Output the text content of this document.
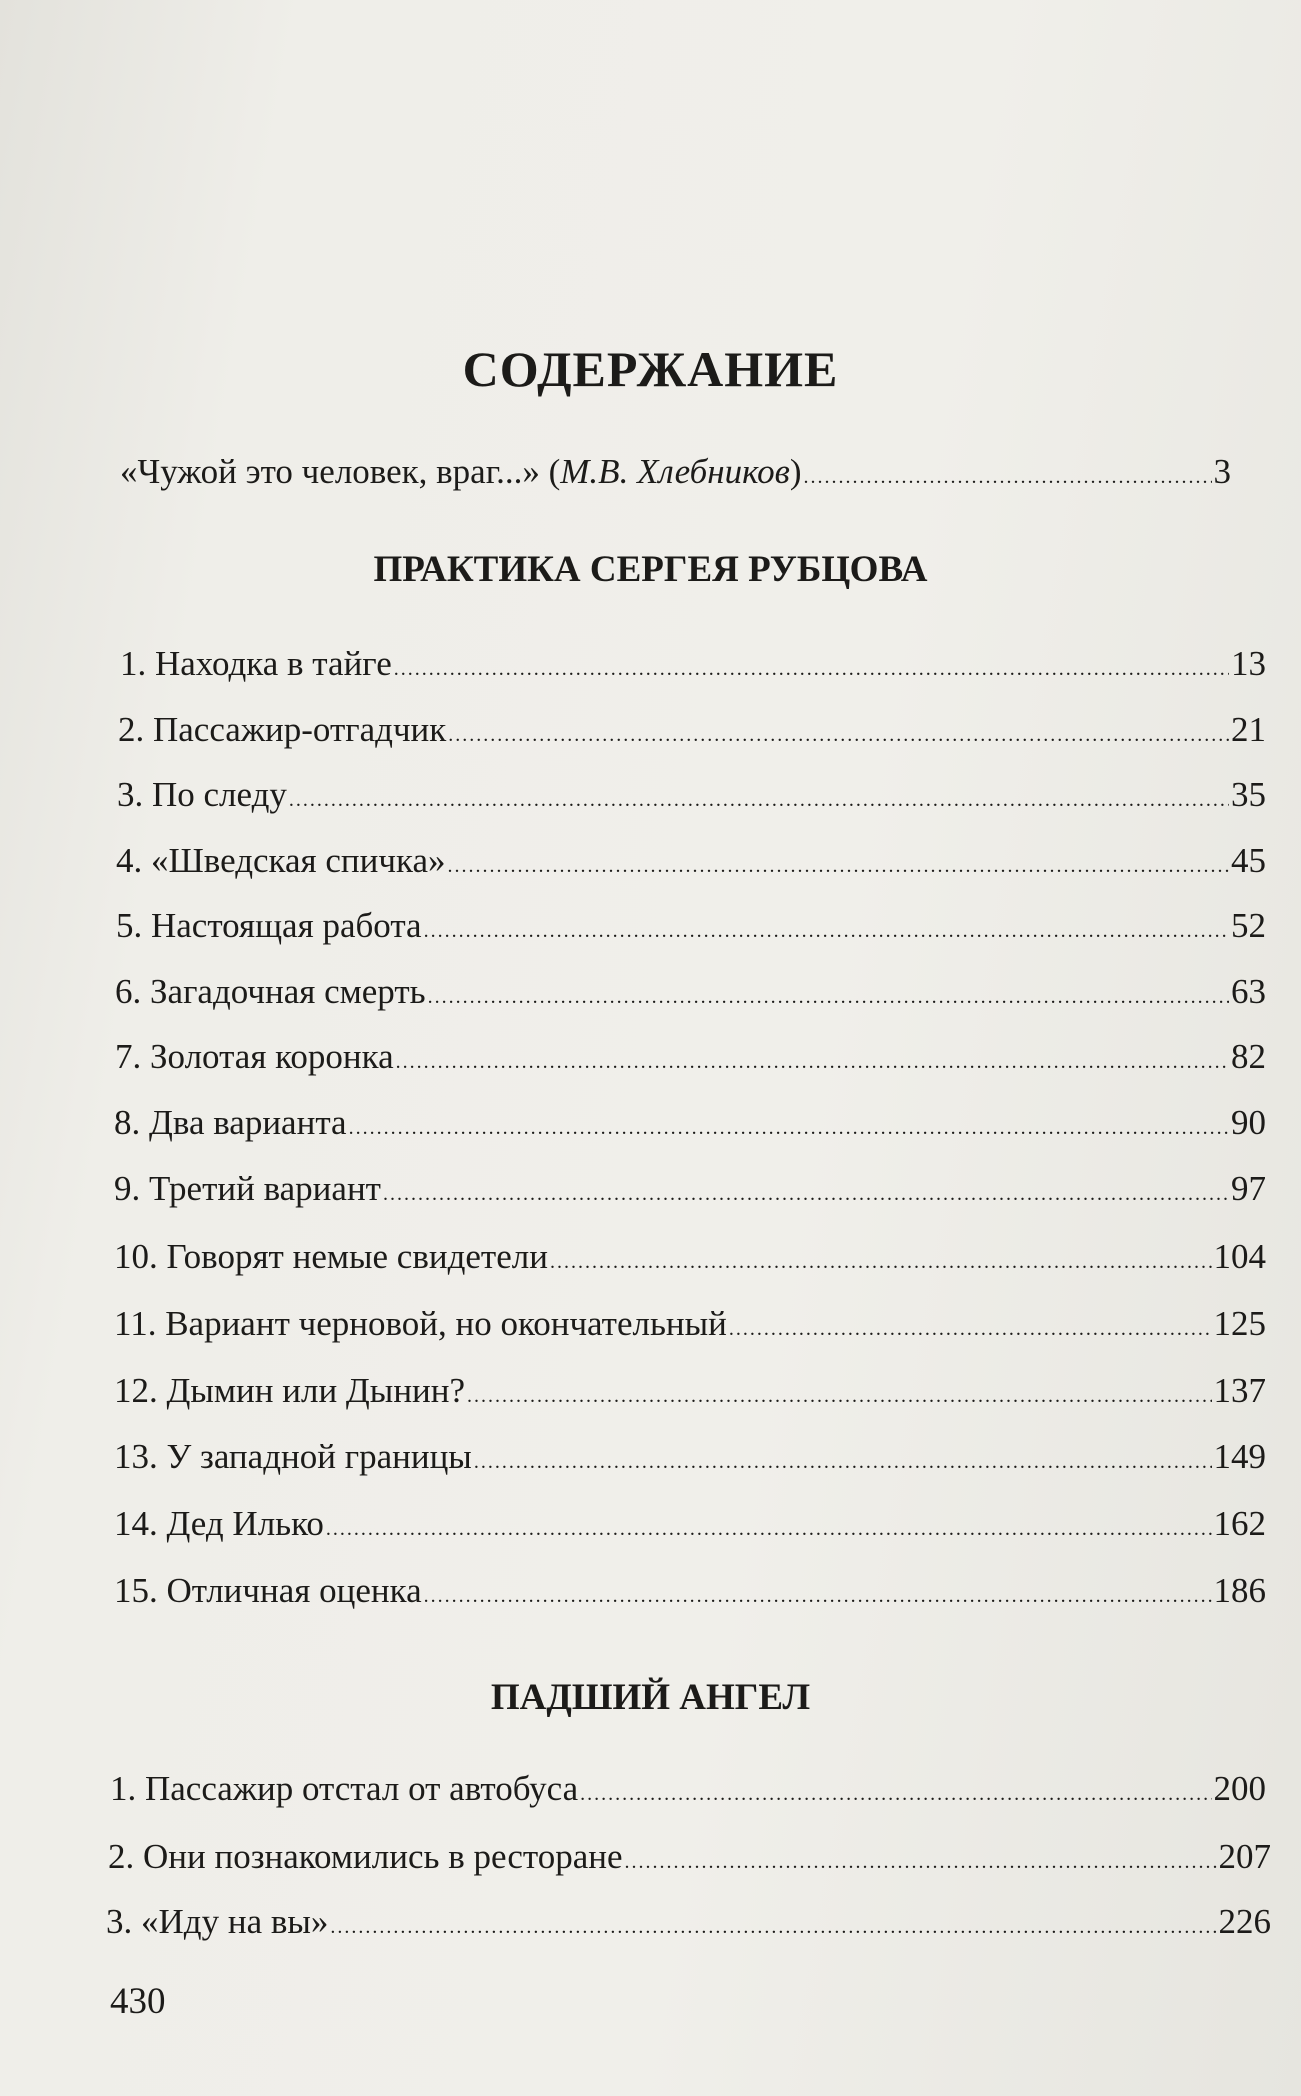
СОДЕРЖАНИЕ
«Чужой это человек, враг...» (М.В. Хлебников) .....	3
ПРАКТИКА СЕРГЕЯ РУБЦОВА
1. Находка в тайге .....	13
2. Пассажир-отгадчик .....	21
3. По следу .....	35
4. «Шведская спичка» .....	45
5. Настоящая работа .....	52
6. Загадочная смерть .....	63
7. Золотая коронка .....	82
8. Два варианта .....	90
9. Третий вариант .....	97
10. Говорят немые свидетели .....	104
11. Вариант черновой, но окончательный .....	125
12. Дымин или Дынин? .....	137
13. У западной границы .....	149
14. Дед Илько .....	162
15. Отличная оценка .....	186
ПАДШИЙ АНГЕЛ
1. Пассажир отстал от автобуса .....	200
2. Они познакомились в ресторане .....	207
3. «Иду на вы» .....	226
430
